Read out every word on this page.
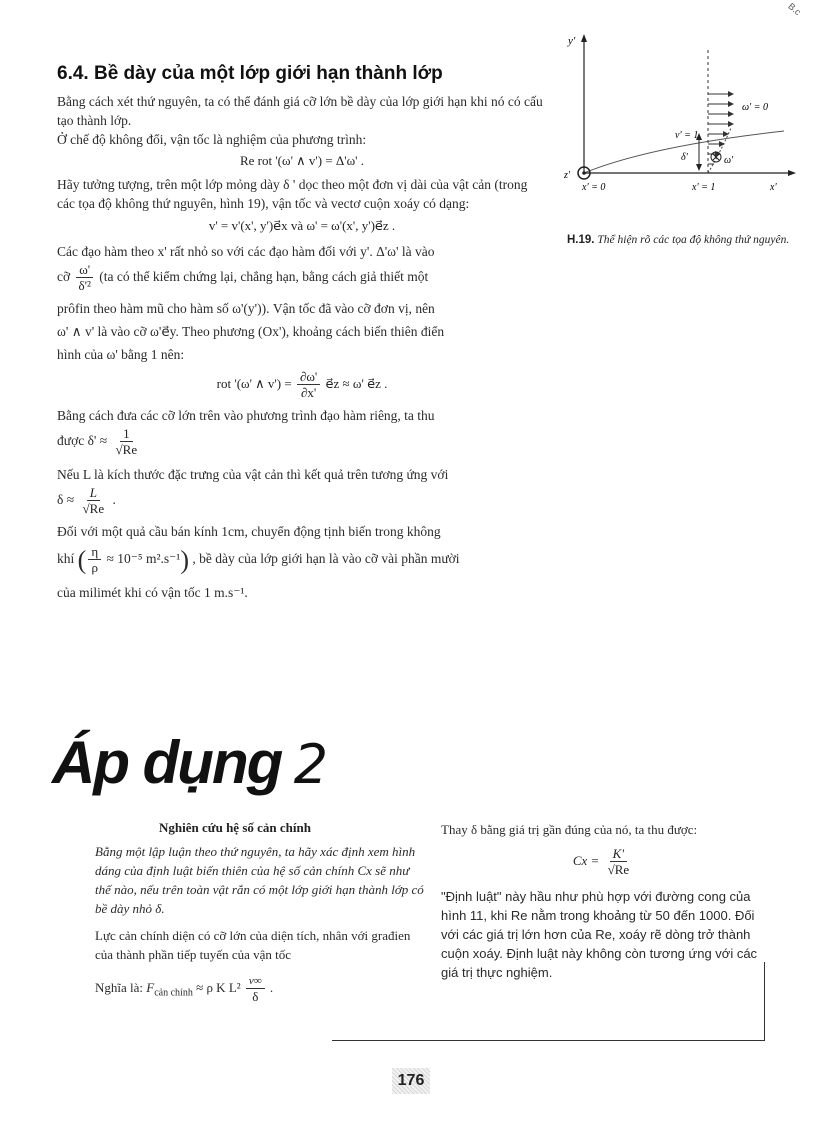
B.c
6.4. Bề dày của một lớp giới hạn thành lớp

Bằng cách xét thứ nguyên, ta có thể đánh giá cỡ lớn bề dày của lớp giới hạn khi nó có cấu tạo thành lớp.

Ở chế độ không đổi, vận tốc là nghiệm của phương trình:

Re rot '(ω' ∧ v') = Δ'ω' .

Hãy tưởng tượng, trên một lớp mỏng dày δ ' dọc theo một đơn vị dài của vật cản (trong các tọa độ không thứ nguyên, hình 19), vận tốc và vectơ cuộn xoáy có dạng:

v' = v'(x', y')e⃗x và ω' = ω'(x', y')e⃗z .

Các đạo hàm theo x' rất nhỏ so với các đạo hàm đối với y'. Δ'ω' là vào

cỡ $\frac{\omega'}{\text{δ'²}} (ta$ có thể kiểm chứng lại, chẳng hạn, bằng cách giả thiết một

prôfin theo hàm mũ cho hàm số ω'(y')). Vận tốc đã vào cỡ đơn vị, nên

ω' ∧ v' là vào cỡ ω'e⃗y. Theo phương (Ox'), khoảng cách biến thiên điển

hình của ω' bằng 1 nên:

rot '(ω' ∧ $v') = \frac{\partial\omega'}{\partial x'}$ e⃗z ≈ ω' e⃗z .

Bằng cách đưa các cỡ lớn trên vào phương trình đạo hàm riêng, ta thu

được $\delta' \approx \frac{1}{√Re}$

Nếu L là kích thước đặc trưng của vật cản thì kết quả trên tương ứng với

$\delta \approx \frac{L}{√Re}$ .

Đối với một quả cầu bán kính 1cm, chuyển động tịnh biến trong không

khí ( $\frac{\eta}{\rho} \approx 10^{-5}$ m².s⁻¹) , bề dày của lớp giới hạn là vào cỡ vài phần mười

của milimét khi có vận tốc 1 m.s⁻¹.

y'
x'
ω' = 0
v' = 1
δ'	ω'
z'
x' = 0	x' = 1
H.19. Thể hiện rõ các tọa độ không thứ nguyên.
Áp dụng 2
Nghiên cứu hệ số cản chính

Bằng một lập luận theo thứ nguyên, ta hãy xác định xem hình dáng của định luật biến thiên của hệ số cản chính Cx sẽ như thế nào, nếu trên toàn vật rắn có một lớp giới hạn thành lớp có bề dày nhỏ δ.

Lực cản chính diện có cỡ lớn của diện tích, nhân với građien của thành phần tiếp tuyến của vận tốc

Nghĩa là: $F_{cản chính} \approx \rho$ K $L^2 \frac{v\infty}{\delta}$ .

Thay δ bằng giá trị gần đúng của nó, ta thu được:

$Cx = \frac{K'}{√Re}$

"Định luật" này hầu như phù hợp với đường cong của hình 11, khi Re nằm trong khoảng từ 50 đến 1000. Đối với các giá trị lớn hơn của Re, xoáy rẽ dòng trở thành cuộn xoáy. Định luật này không còn tương ứng với các giá trị thực nghiệm.

176
